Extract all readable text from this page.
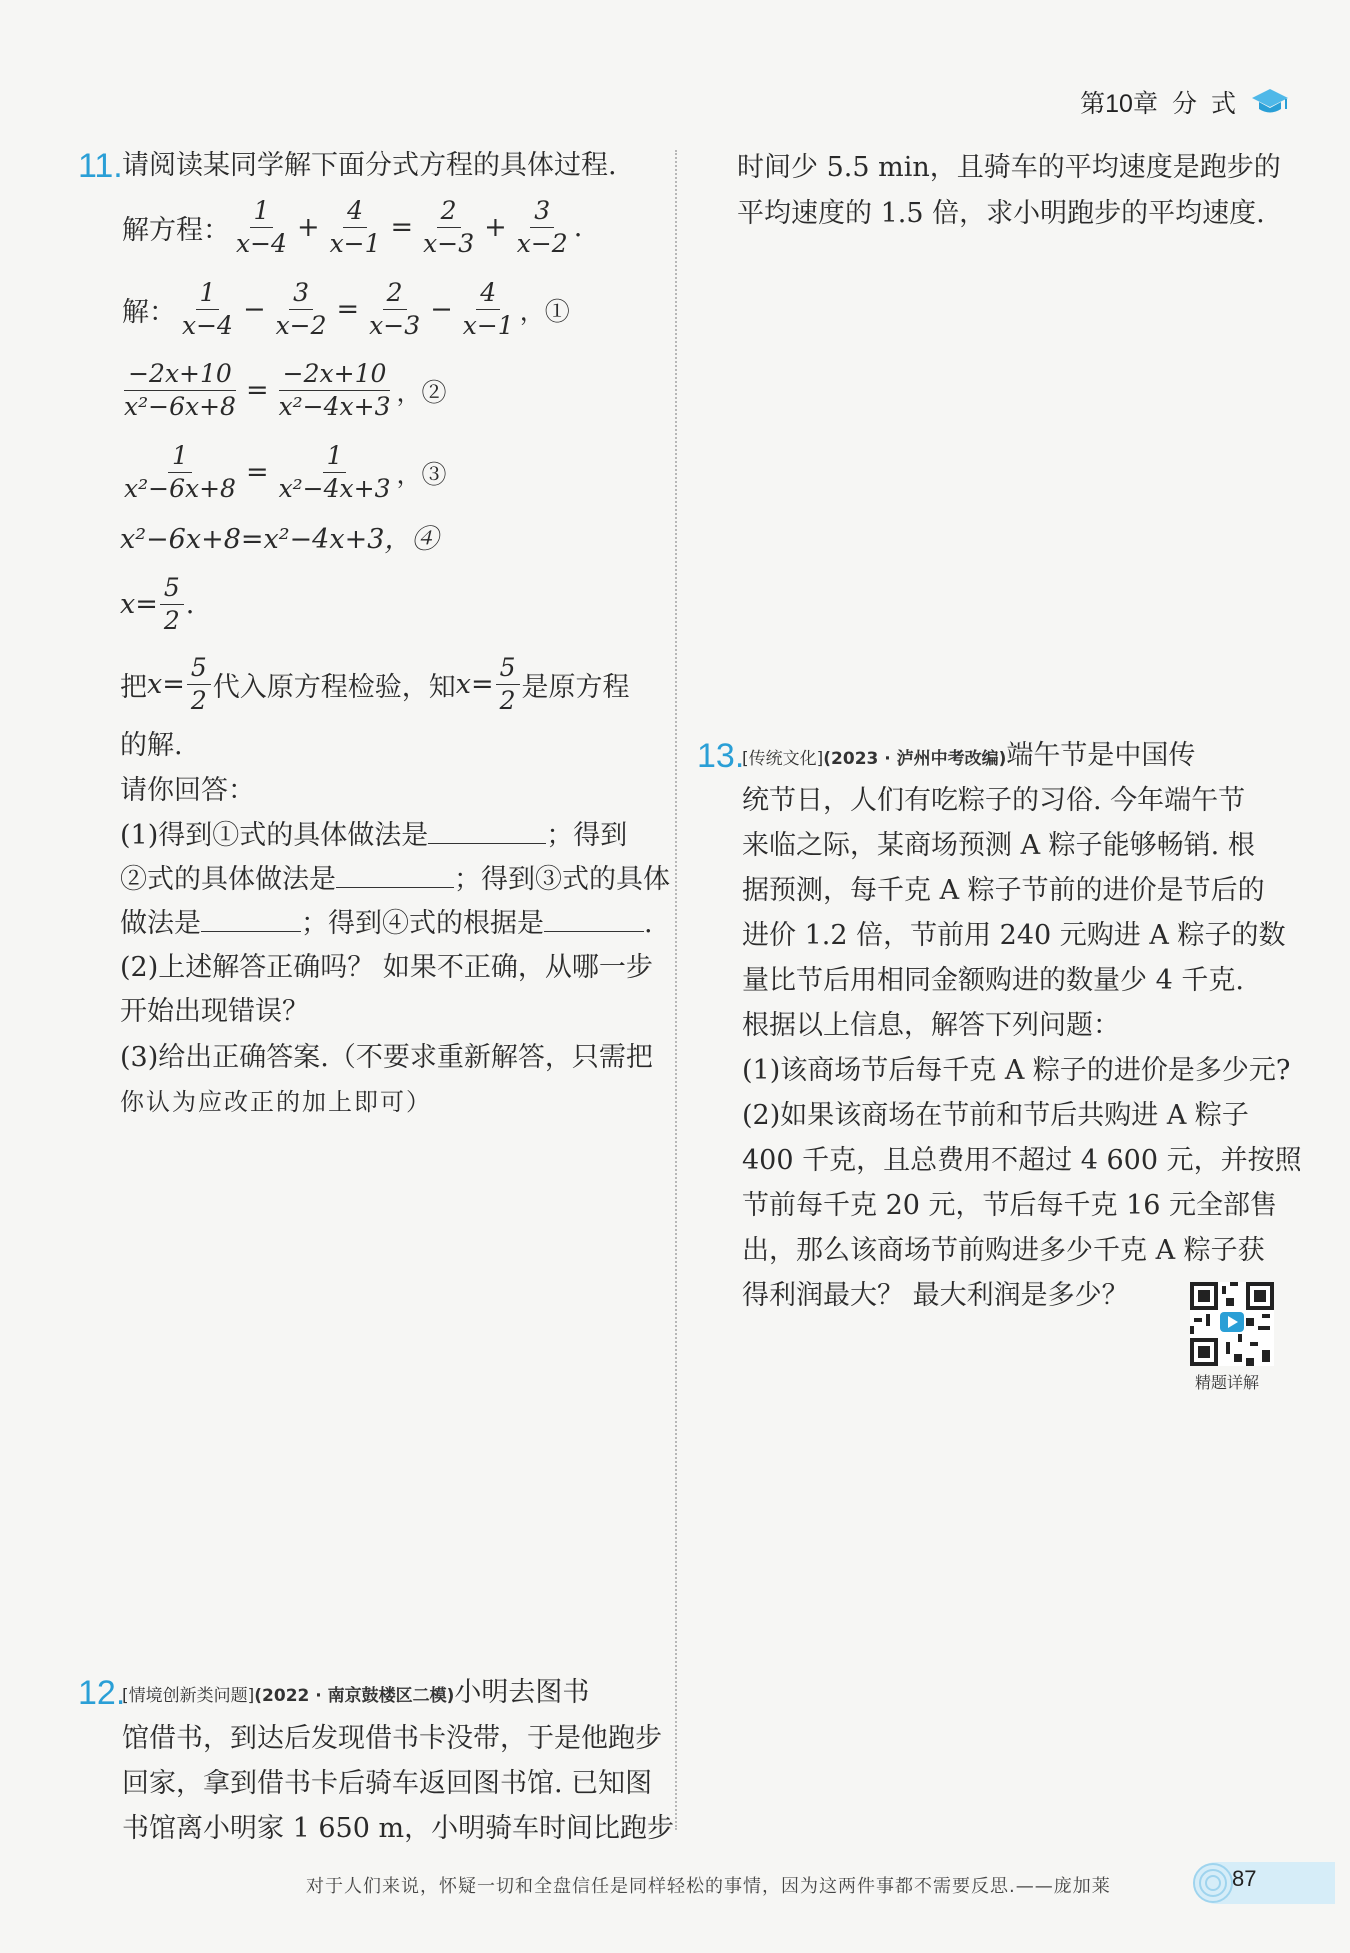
第10章 分 式
11. 请阅读某同学解下面分式方程的具体过程.
解方程： $\frac{1}{x-4} + \frac{4}{x-1} = \frac{2}{x-3} + \frac{3}{x-2}$ .
解： $\frac{1}{x-4} - \frac{3}{x-2} = \frac{2}{x-3} - \frac{4}{x-1}$ ，①
$\frac{-2x+10}{\text{x²−6x+8}} = \frac{-2x+10}{\text{x²−4x+3}}$ ，②
$\frac{1}{\text{x²−6x+8}} = \frac{1}{\text{x²−4x+3}}$ ，③
x²−6x+8=x²−4x+3，④
$x= \frac{5}{2}$ .
把 $x= \frac{5}{2}$ 代入原方程检验，知 $x= \frac{5}{2}$ 是原方程
的解.
请你回答：
(1)得到①式的具体做法是	；得到
②式的具体做法是	；得到③式的具体
做法是	；得到④式的根据是	.
(2)上述解答正确吗？ 如果不正确，从哪一步
开始出现错误？
(3)给出正确答案.（不要求重新解答，只需把
你认为应改正的加上即可）
12.
[情境创新类问题](2022 · 南京鼓楼区二模)小明去图书
馆借书，到达后发现借书卡没带，于是他跑步
回家，拿到借书卡后骑车返回图书馆. 已知图
书馆离小明家 1 650 m，小明骑车时间比跑步
时间少 5.5 min，且骑车的平均速度是跑步的
平均速度的 1.5 倍，求小明跑步的平均速度.
13.
[传统文化](2023 · 泸州中考改编)端午节是中国传
统节日，人们有吃粽子的习俗. 今年端午节
来临之际，某商场预测 A 粽子能够畅销. 根
据预测，每千克 A 粽子节前的进价是节后的
进价 1.2 倍，节前用 240 元购进 A 粽子的数
量比节后用相同金额购进的数量少 4 千克.
根据以上信息，解答下列问题：
(1)该商场节后每千克 A 粽子的进价是多少元?
(2)如果该商场在节前和节后共购进 A 粽子
400 千克，且总费用不超过 4 600 元，并按照
节前每千克 20 元，节后每千克 16 元全部售
出，那么该商场节前购进多少千克 A 粽子获
得利润最大？ 最大利润是多少？
精题详解
对于人们来说，怀疑一切和全盘信任是同样轻松的事情，因为这两件事都不需要反思.——庞加莱	87
